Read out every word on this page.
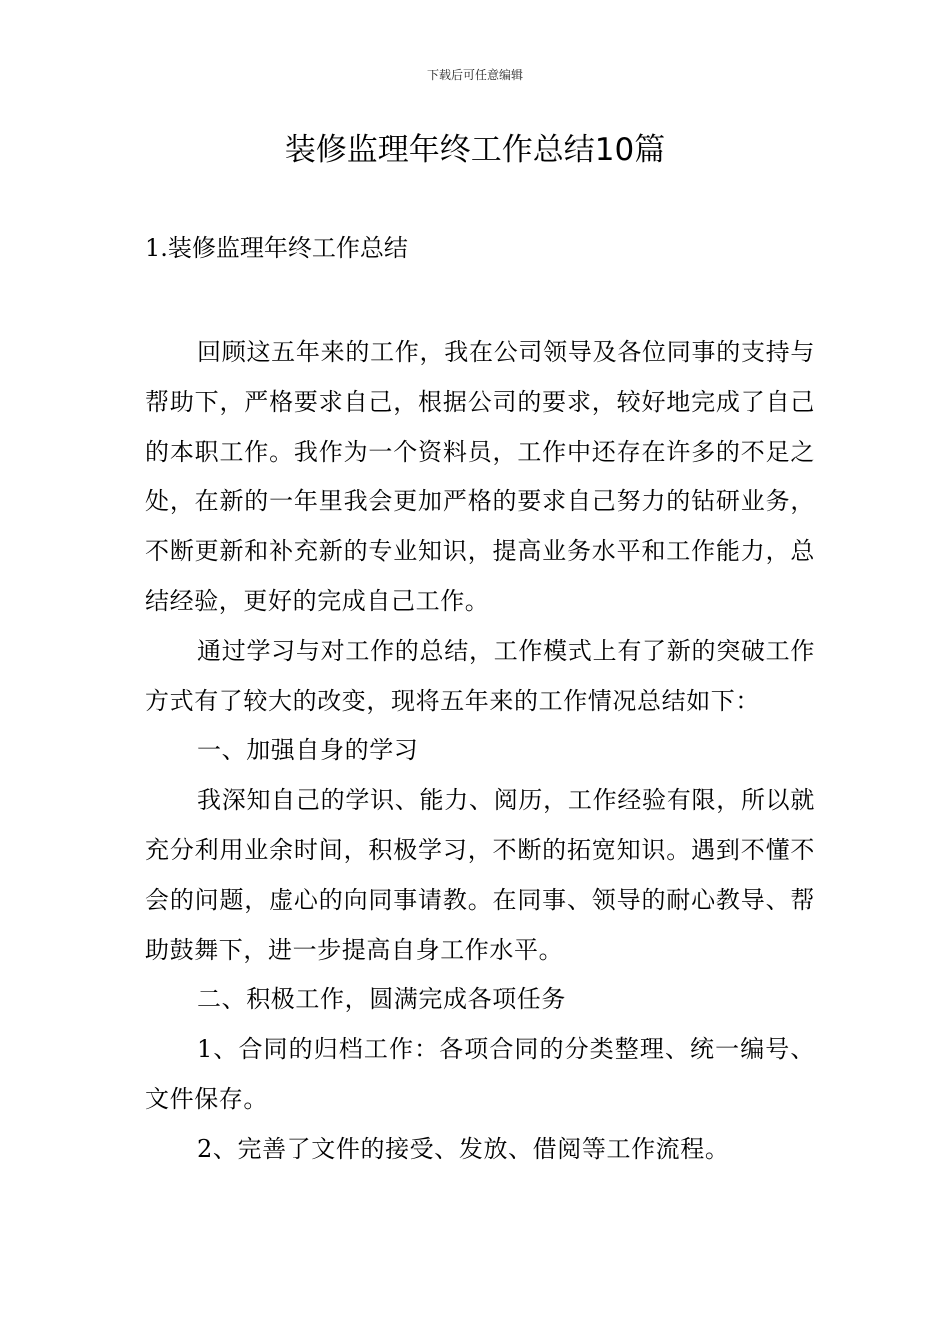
下载后可任意编辑
装修监理年终工作总结10篇
1.装修监理年终工作总结

回顾这五年来的工作，我在公司领导及各位同事的支持与帮助下，严格要求自己，根据公司的要求，较好地完成了自己的本职工作。我作为一个资料员，工作中还存在许多的不足之处，在新的一年里我会更加严格的要求自己努力的钻研业务，不断更新和补充新的专业知识，提高业务水平和工作能力，总结经验，更好的完成自己工作。

通过学习与对工作的总结，工作模式上有了新的突破工作方式有了较大的改变，现将五年来的工作情况总结如下：

一、加强自身的学习

我深知自己的学识、能力、阅历，工作经验有限，所以就充分利用业余时间，积极学习，不断的拓宽知识。遇到不懂不会的问题，虚心的向同事请教。在同事、领导的耐心教导、帮助鼓舞下，进一步提高自身工作水平。

二、积极工作，圆满完成各项任务

1、合同的归档工作：各项合同的分类整理、统一编号、文件保存。

2、完善了文件的接受、发放、借阅等工作流程。
